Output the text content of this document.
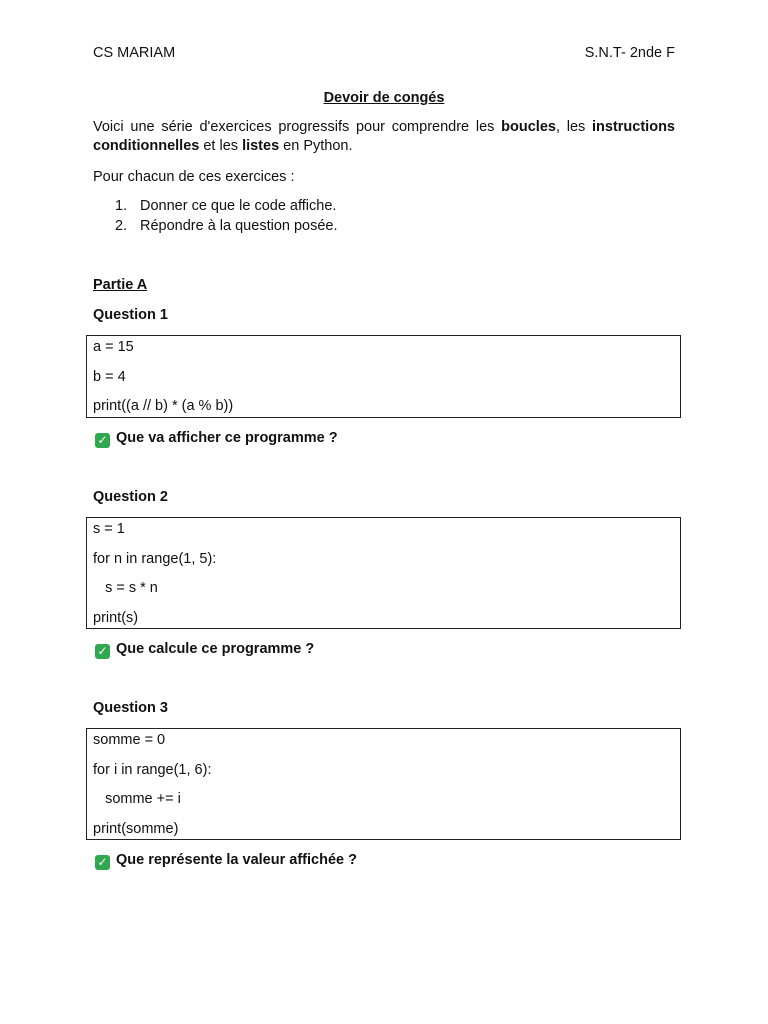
CS MARIAM	S.N.T- 2nde F
Devoir de congés
Voici une série d'exercices progressifs pour comprendre les boucles, les instructions conditionnelles et les listes en Python.
Pour chacun de ces exercices :
1. Donner ce que le code affiche.
2. Répondre à la question posée.
Partie A
Question 1
a = 15
b = 4
print((a // b) * (a % b))
✓ Que va afficher ce programme ?
Question 2
s = 1
for n in range(1, 5):
s = s * n
print(s)
✓ Que calcule ce programme ?
Question 3
somme = 0
for i in range(1, 6):
somme += i
print(somme)
✓ Que représente la valeur affichée ?
